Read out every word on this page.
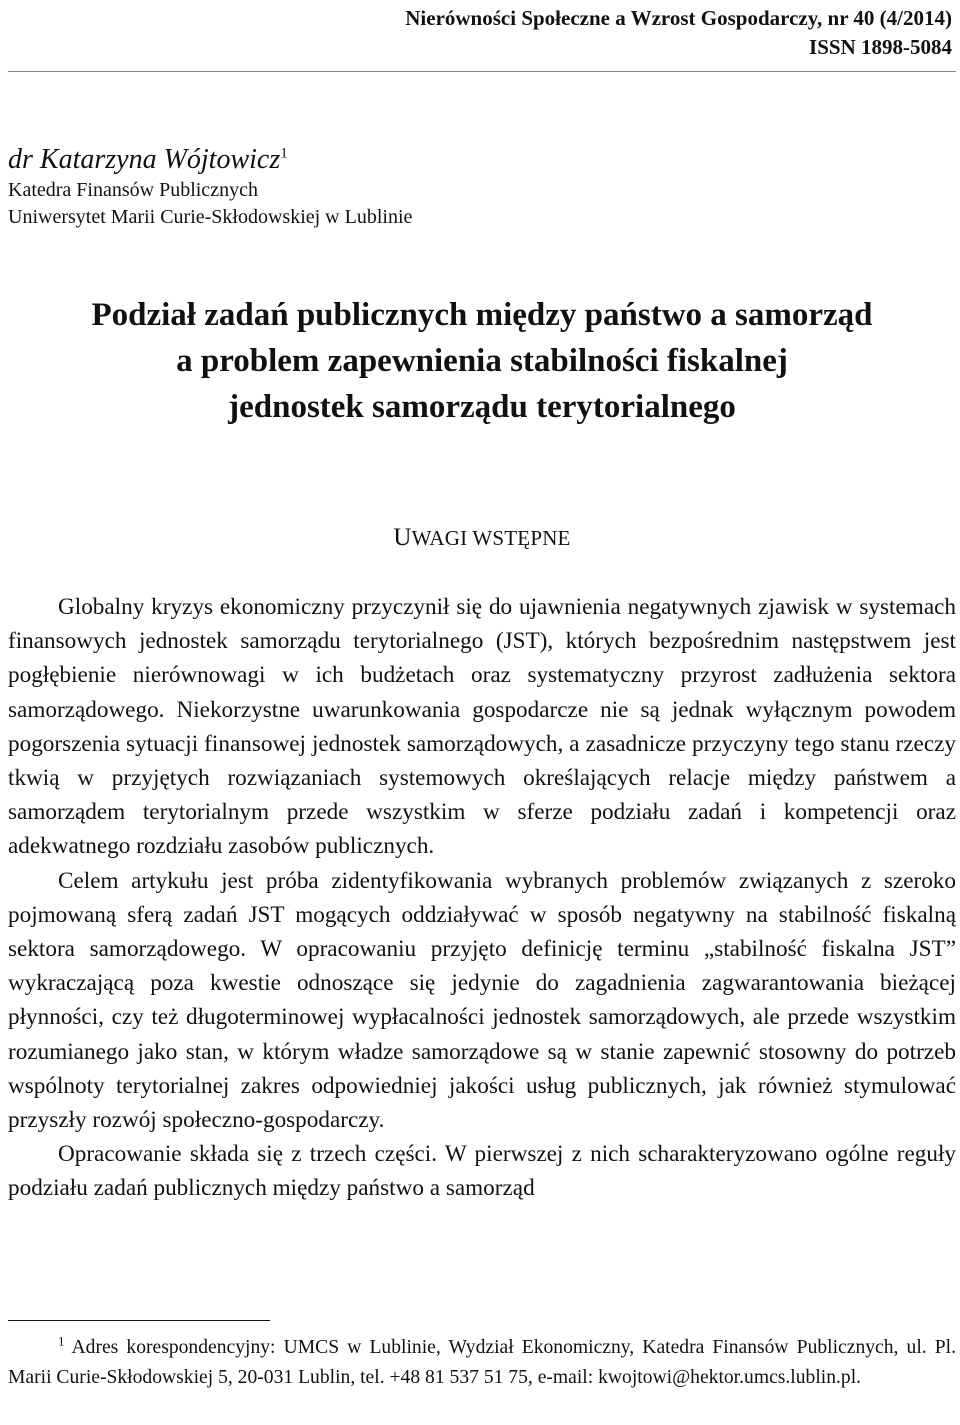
Nierówności Społeczne a Wzrost Gospodarczy, nr 40 (4/2014)
ISSN 1898-5084

dr Katarzyna Wójtowicz$^1$

Katedra Finansów Publicznych

Uniwersytet Marii Curie-Skłodowskiej w Lublinie

Podział zadań publicznych między państwo a samorząd
a problem zapewnienia stabilności fiskalnej
jednostek samorządu terytorialnego
UWAGI WSTĘPNE

Globalny kryzys ekonomiczny przyczynił się do ujawnienia negatywnych zjawisk w systemach finansowych jednostek samorządu terytorialnego (JST), których bezpośrednim następstwem jest pogłębienie nierównowagi w ich budżetach oraz systematyczny przyrost zadłużenia sektora samorządowego. Niekorzystne uwarunkowania gospodarcze nie są jednak wyłącznym powodem pogorszenia sytuacji finansowej jednostek samorządowych, a zasadnicze przyczyny tego stanu rzeczy tkwią w przyjętych rozwiązaniach systemowych określających relacje między państwem a samorządem terytorialnym przede wszystkim w sferze podziału zadań i kompetencji oraz adekwatnego rozdziału zasobów publicznych.

Celem artykułu jest próba zidentyfikowania wybranych problemów związanych z szeroko pojmowaną sferą zadań JST mogących oddziaływać w sposób negatywny na stabilność fiskalną sektora samorządowego. W opracowaniu przyjęto definicję terminu „stabilność fiskalna JST” wykraczającą poza kwestie odnoszące się jedynie do zagadnienia zagwarantowania bieżącej płynności, czy też długoterminowej wypłacalności jednostek samorządowych, ale przede wszystkim rozumianego jako stan, w którym władze samorządowe są w stanie zapewnić stosowny do potrzeb wspólnoty terytorialnej zakres odpowiedniej jakości usług publicznych, jak również stymulować przyszły rozwój społeczno-gospodarczy.

Opracowanie składa się z trzech części. W pierwszej z nich scharakteryzowano ogólne reguły podziału zadań publicznych między państwo a samorząd

$^1$ Adres korespondencyjny: UMCS w Lublinie, Wydział Ekonomiczny, Katedra Finansów Publicznych, ul. Pl. Marii Curie-Skłodowskiej 5, 20-031 Lublin, tel. +48 81 537 51 75, e-mail: kwojtowi@hektor.umcs.lublin.pl.
